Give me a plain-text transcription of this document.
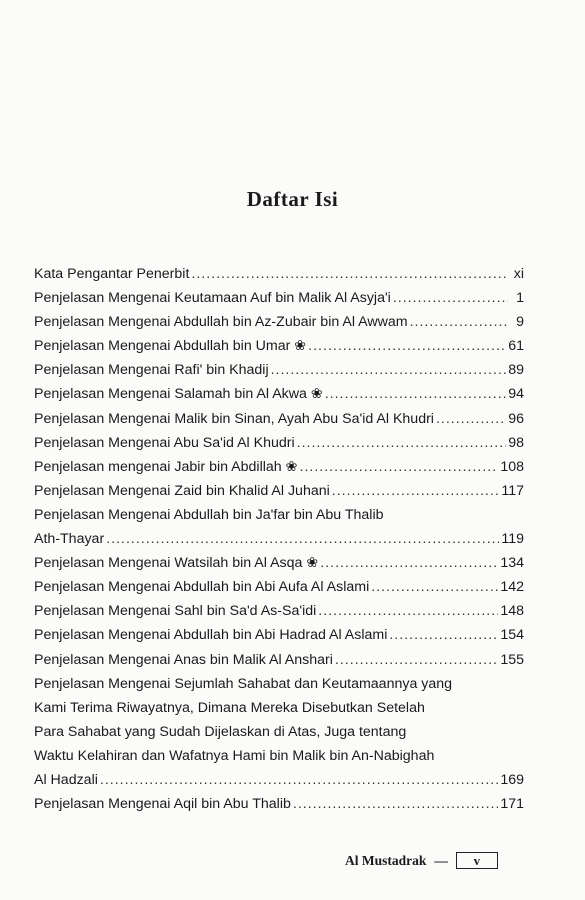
Daftar Isi
Kata Pengantar Penerbit .....	xi
Penjelasan Mengenai Keutamaan Auf bin Malik Al Asyja'i .....	1
Penjelasan Mengenai Abdullah bin Az-Zubair bin Al Awwam .....	9
Penjelasan Mengenai Abdullah bin Umar ❀ .....	61
Penjelasan Mengenai Rafi' bin Khadij .....	89
Penjelasan Mengenai Salamah bin Al Akwa ❀ .....	94
Penjelasan Mengenai Malik bin Sinan, Ayah Abu Sa'id Al Khudri .....	96
Penjelasan Mengenai Abu Sa'id Al Khudri .....	98
Penjelasan mengenai Jabir bin Abdillah ❀ .....	108
Penjelasan Mengenai Zaid bin Khalid Al Juhani .....	117
Penjelasan Mengenai Abdullah bin Ja'far bin Abu Thalib
Ath-Thayar .....	119
Penjelasan Mengenai Watsilah bin Al Asqa ❀ .....	134
Penjelasan Mengenai Abdullah bin Abi Aufa Al Aslami .....	142
Penjelasan Mengenai Sahl bin Sa'd As-Sa'idi .....	148
Penjelasan Mengenai Abdullah bin Abi Hadrad Al Aslami .....	154
Penjelasan Mengenai Anas bin Malik Al Anshari .....	155
Penjelasan Mengenai Sejumlah Sahabat dan Keutamaannya yang
Kami Terima Riwayatnya, Dimana Mereka Disebutkan Setelah
Para Sahabat yang Sudah Dijelaskan di Atas, Juga tentang
Waktu Kelahiran dan Wafatnya Hami bin Malik bin An-Nabighah
Al Hadzali .....	169
Penjelasan Mengenai Aqil bin Abu Thalib .....	171
Al Mustadrak —	v
